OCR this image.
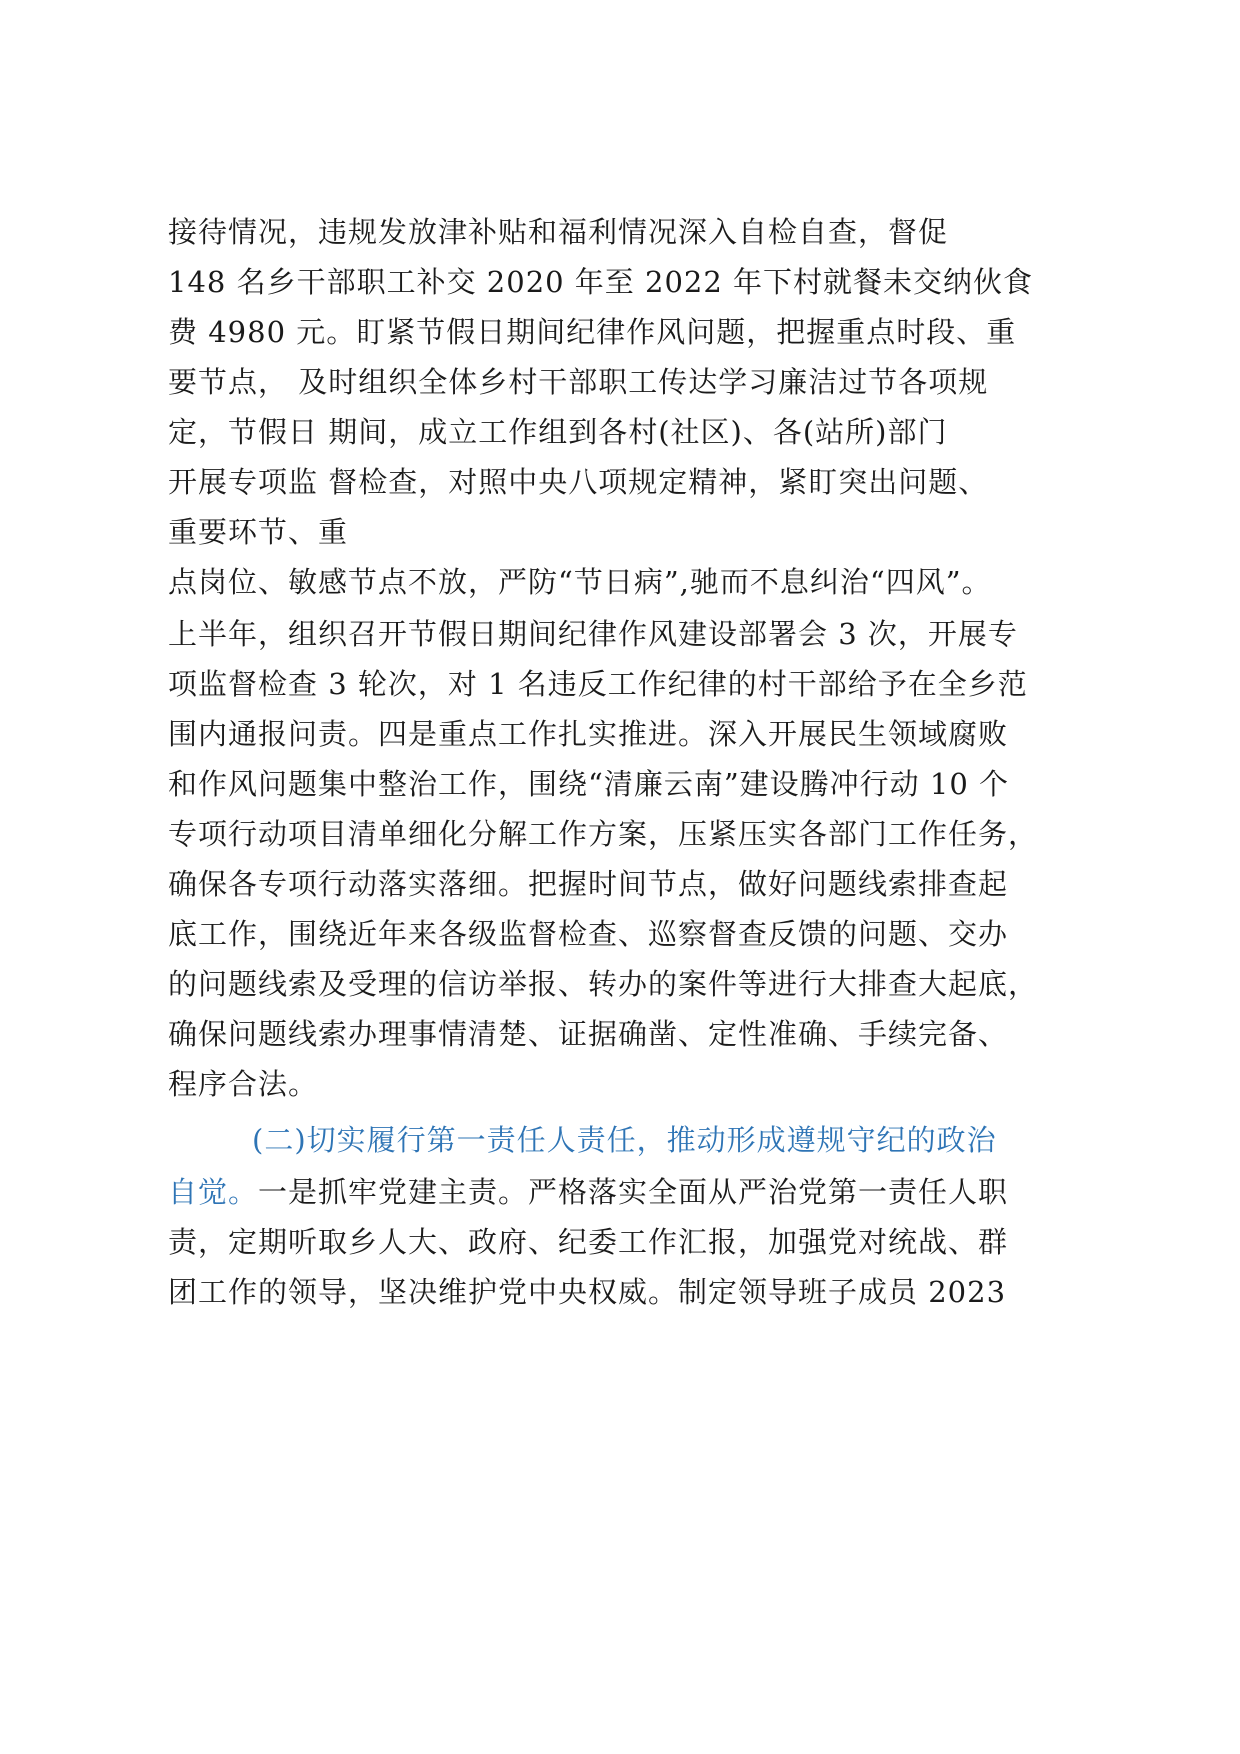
接待情况，违规发放津补贴和福利情况深入自检自查，督促
148 名乡干部职工补交 2020 年至 2022 年下村就餐未交纳伙食
费 4980 元。盯紧节假日期间纪律作风问题，把握重点时段、重
要节点， 及时组织全体乡村干部职工传达学习廉洁过节各项规
定，节假日 期间，成立工作组到各村(社区)、各(站所)部门
开展专项监 督检查，对照中央八项规定精神，紧盯突出问题、
重要环节、重
点岗位、敏感节点不放，严防“节日病”,驰而不息纠治“四风”。
上半年，组织召开节假日期间纪律作风建设部署会 3 次，开展专
项监督检查 3 轮次，对 1 名违反工作纪律的村干部给予在全乡范
围内通报问责。四是重点工作扎实推进。深入开展民生领域腐败
和作风问题集中整治工作，围绕“清廉云南”建设腾冲行动 10 个
专项行动项目清单细化分解工作方案，压紧压实各部门工作任务，
确保各专项行动落实落细。把握时间节点，做好问题线索排查起
底工作，围绕近年来各级监督检查、巡察督查反馈的问题、交办
的问题线索及受理的信访举报、转办的案件等进行大排查大起底，
确保问题线索办理事情清楚、证据确凿、定性准确、手续完备、
程序合法。
(二)切实履行第一责任人责任，推动形成遵规守纪的政治
自觉。一是抓牢党建主责。严格落实全面从严治党第一责任人职
责，定期听取乡人大、政府、纪委工作汇报，加强党对统战、群
团工作的领导，坚决维护党中央权威。制定领导班子成员 2023
